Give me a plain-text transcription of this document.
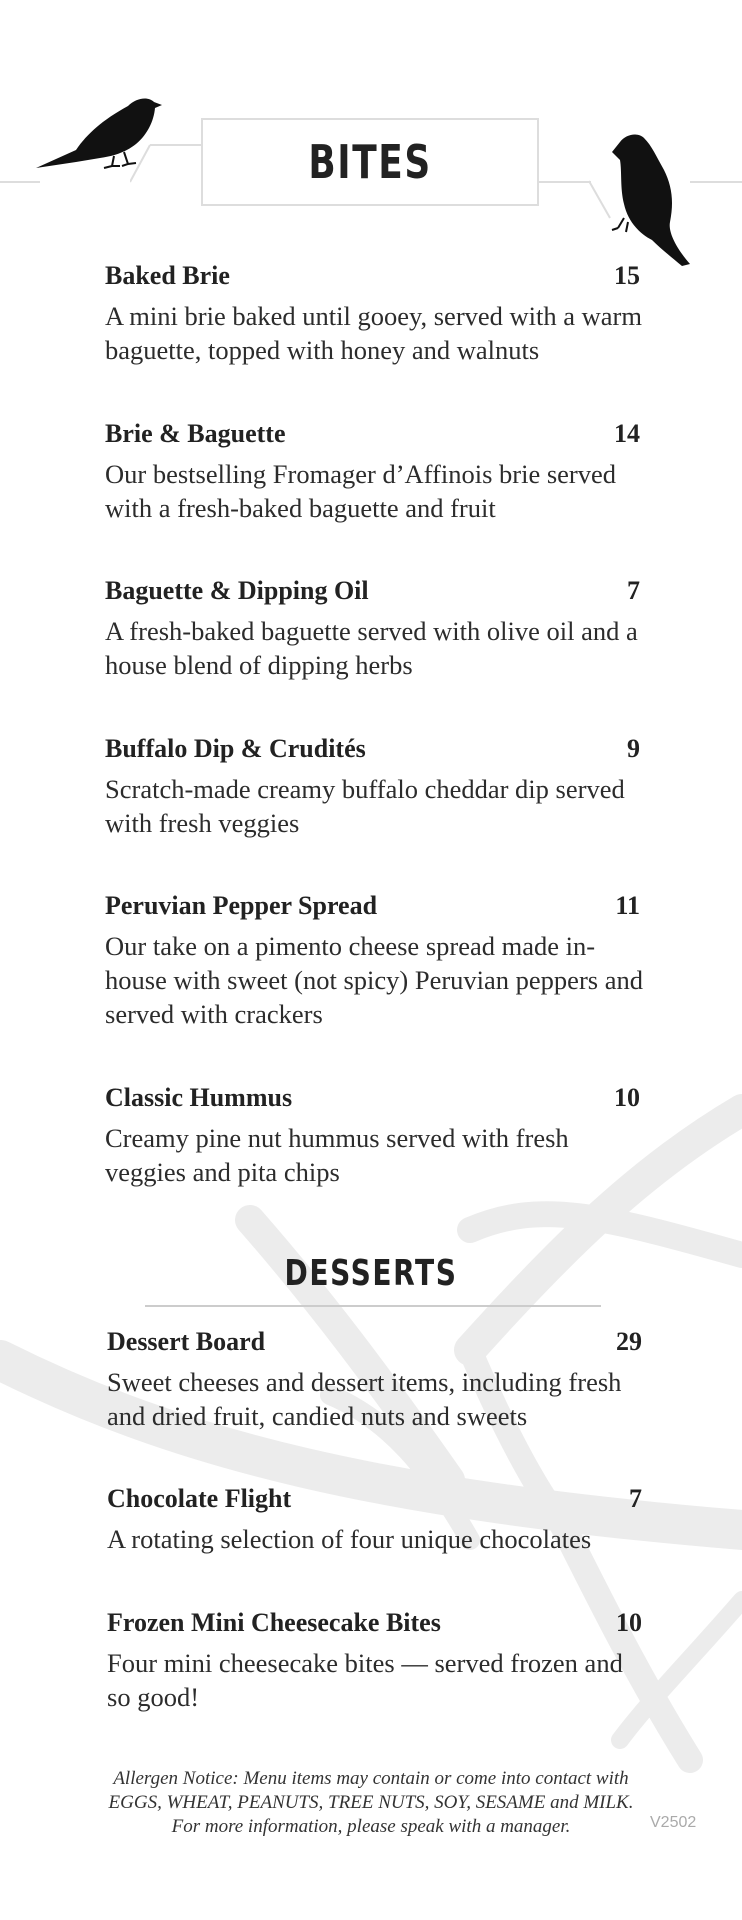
BITES
Baked Brie	15
A mini brie baked until gooey, served with a warm baguette, topped with honey and walnuts
Brie & Baguette	14
Our bestselling Fromager d’Affinois brie served with a fresh-baked baguette and fruit
Baguette & Dipping Oil	7
A fresh-baked baguette served with olive oil and a house blend of dipping herbs
Buffalo Dip & Crudités	9
Scratch-made creamy buffalo cheddar dip served with fresh veggies
Peruvian Pepper Spread	11
Our take on a pimento cheese spread made in-house with sweet (not spicy) Peruvian peppers and served with crackers
Classic Hummus	10
Creamy pine nut hummus served with fresh veggies and pita chips
DESSERTS
Dessert Board	29
Sweet cheeses and dessert items, including fresh and dried fruit, candied nuts and sweets
Chocolate Flight	7
A rotating selection of four unique chocolates
Frozen Mini Cheesecake Bites	10
Four mini cheesecake bites — served frozen and so good!
Allergen Notice: Menu items may contain or come into contact with
EGGS, WHEAT, PEANUTS, TREE NUTS, SOY, SESAME and MILK.
For more information, please speak with a manager.	V2502
